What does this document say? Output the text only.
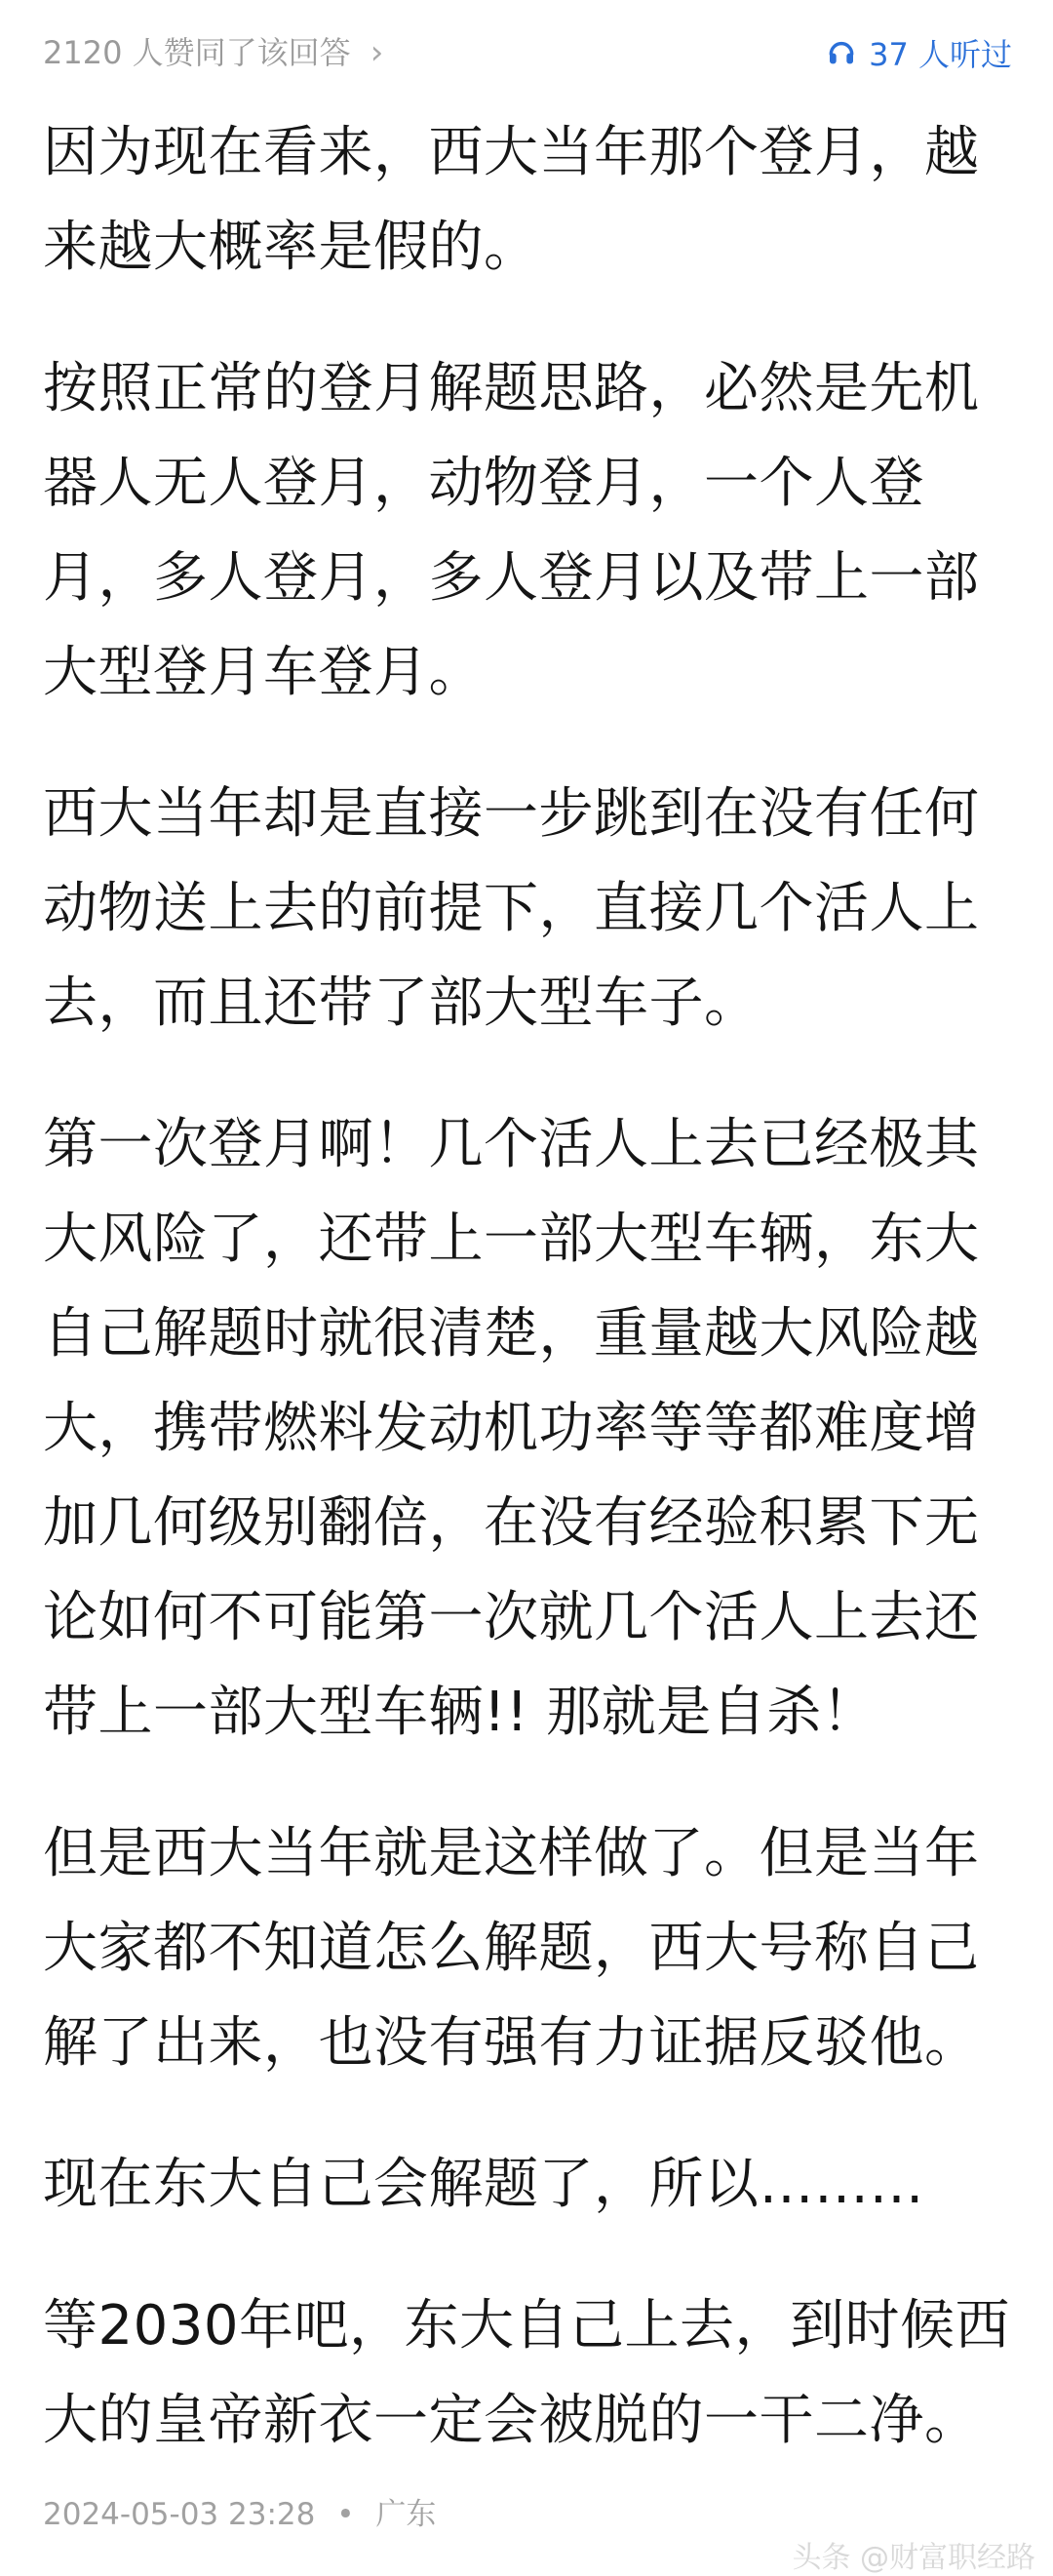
2120 人赞同了该回答 ›	37 人听过

因为现在看来，西大当年那个登月，越
来越大概率是假的。

按照正常的登月解题思路，必然是先机
器人无人登月，动物登月，一个人登
月，多人登月，多人登月以及带上一部
大型登月车登月。

西大当年却是直接一步跳到在没有任何
动物送上去的前提下，直接几个活人上
去，而且还带了部大型车子。

第一次登月啊！几个活人上去已经极其
大风险了，还带上一部大型车辆，东大
自己解题时就很清楚，重量越大风险越
大，携带燃料发动机功率等等都难度增
加几何级别翻倍，在没有经验积累下无
论如何不可能第一次就几个活人上去还
带上一部大型车辆!! 那就是自杀！

但是西大当年就是这样做了。但是当年
大家都不知道怎么解题，西大号称自己
解了出来，也没有强有力证据反驳他。

现在东大自己会解题了，所以………

等2030年吧，东大自己上去，到时候西
大的皇帝新衣一定会被脱的一干二净。

2024-05-03 23:28 • 广东
头条 @财富职经路
